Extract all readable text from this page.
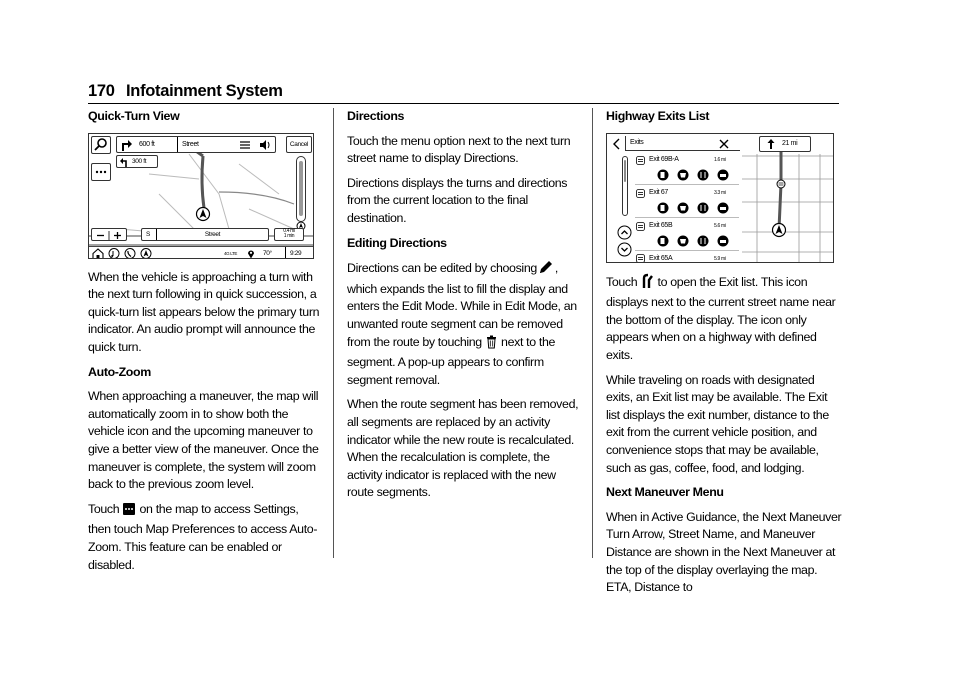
170 Infotainment System
Quick-Turn View
600 ft	Street
300 ft
Cancel
S	Street	0.4 mi
1 min
4G LTE	70°	9:29
When the vehicle is approaching a turn with the next turn following in quick succession, a quick-turn list appears below the primary turn indicator. An audio prompt will announce the quick turn.
Auto-Zoom
When approaching a maneuver, the map will automatically zoom in to show both the vehicle icon and the upcoming maneuver to give a better view of the maneuver. Once the maneuver is complete, the system will zoom back to the previous zoom level.
Touch on the map to access Settings, then touch Map Preferences to access Auto-Zoom. This feature can be enabled or disabled.
Directions
Touch the menu option next to the next turn street name to display Directions.
Directions displays the turns and directions from the current location to the final destination.
Editing Directions
Directions can be edited by choosing , which expands the list to fill the display and enters the Edit Mode. While in Edit Mode, an unwanted route segment can be removed from the route by touching next to the segment. A pop-up appears to confirm segment removal.
When the route segment has been removed, all segments are replaced by an activity indicator while the new route is recalculated. When the recalculation is complete, the activity indicator is replaced with the new route segments.
Highway Exits List
Exits	21 mi
Exit 69B-A	1.6 mi
Exit 67	3.3 mi
Exit 65B	5.6 mi
Exit 65A	5.9 mi
Touch to open the Exit list. This icon displays next to the current street name near the bottom of the display. The icon only appears when on a highway with defined exits.
While traveling on roads with designated exits, an Exit list may be available. The Exit list displays the exit number, distance to the exit from the current vehicle position, and convenience stops that may be available, such as gas, coffee, food, and lodging.
Next Maneuver Menu
When in Active Guidance, the Next Maneuver Turn Arrow, Street Name, and Maneuver Distance are shown in the Next Maneuver at the top of the display overlaying the map. ETA, Distance to
